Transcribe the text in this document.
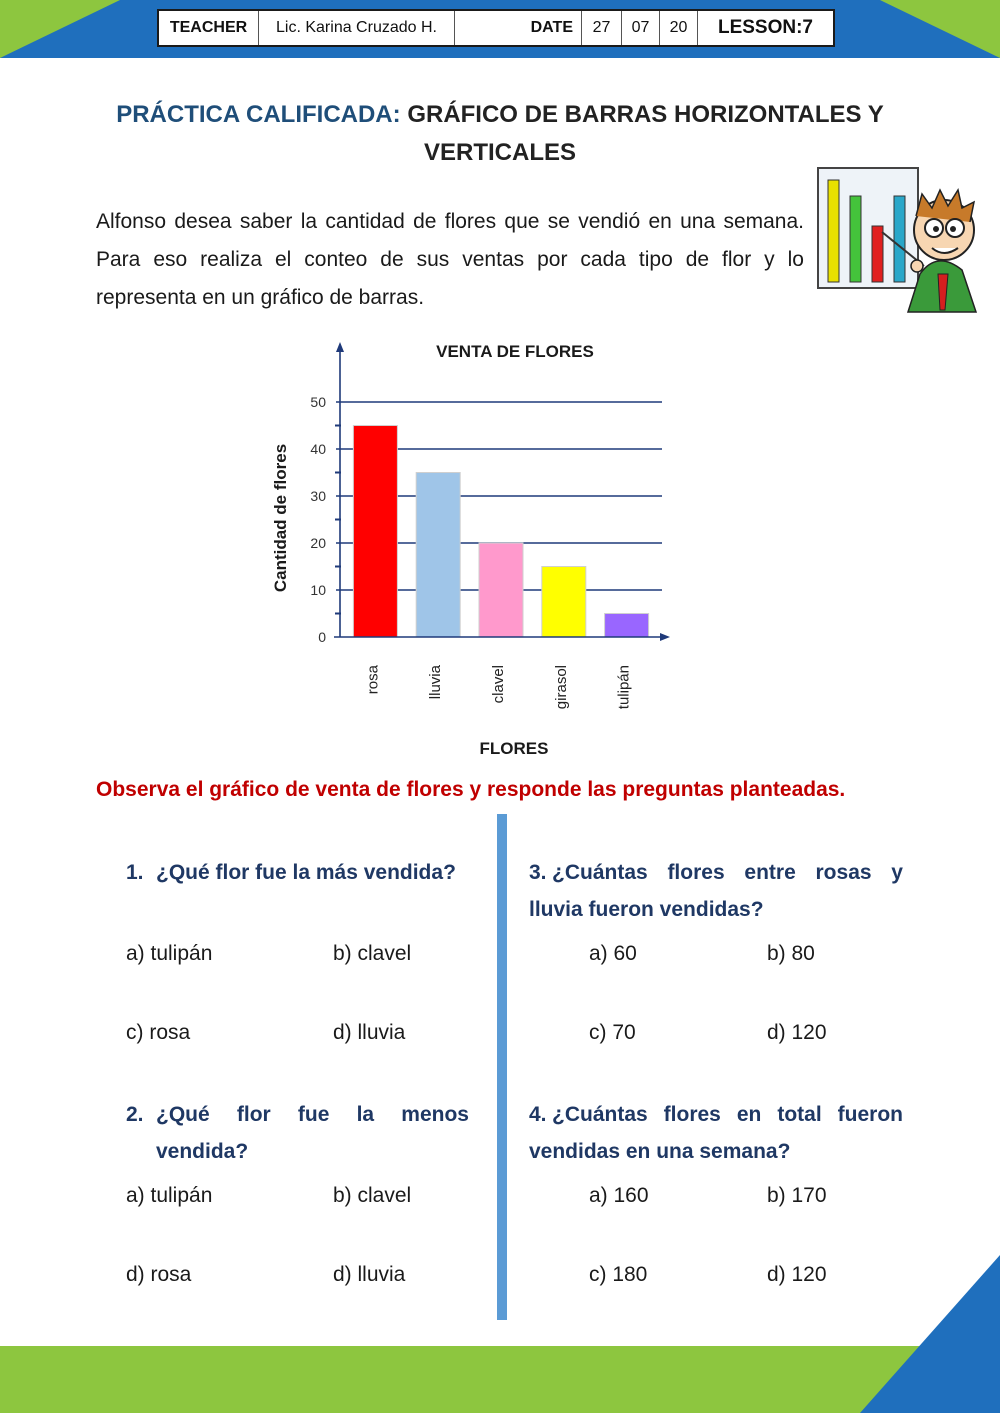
TEACHER	Lic. Karina Cruzado H.	DATE	27	07	20	LESSON:7
PRÁCTICA CALIFICADA: GRÁFICO DE BARRAS HORIZONTALES Y VERTICALES
Alfonso desea saber la cantidad de flores que se vendió en una semana. Para eso realiza el conteo de sus ventas por cada tipo de flor y lo representa en un gráfico de barras.
VENTA DE FLORES
Cantidad de flores
FLORES
0
10
20
30
40
50
rosa	lluvia	clavel	girasol	tulipán
Observa el gráfico de venta de flores y responde las preguntas planteadas.
1. ¿Qué flor fue la más vendida?
a) tulipán	b) clavel
c) rosa	d) lluvia
2. ¿Qué flor fue la menos vendida?
a) tulipán	b) clavel
d) rosa	d) lluvia
3. ¿Cuántas flores entre rosas y lluvia fueron vendidas?
a) 60	b) 80
c) 70	d) 120
4. ¿Cuántas flores en total fueron vendidas en una semana?
a) 160	b) 170
c) 180	d) 120
